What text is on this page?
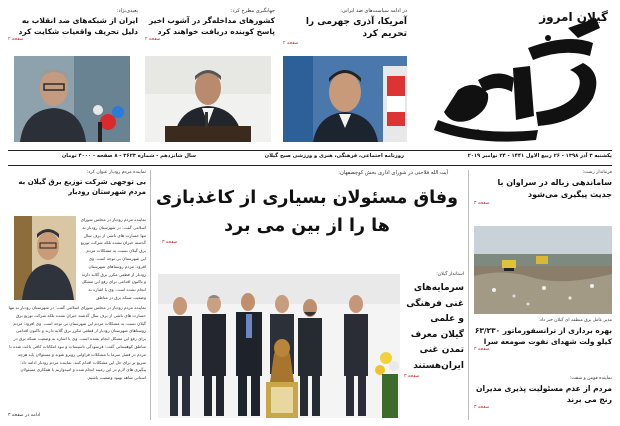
گیلان امروز
در ادامه سیاست‌های ضد ایرانی:
آمریکا، آذری جهرمی را تحریم کرد
صفحه ۲
جهانگیری مطرح کرد:
کشورهای مداخله‌گر در آشوب اخیر پاسخ کوبنده دریافت خواهند کرد
صفحه ۲
بعیدی‌نژاد:
ایران از شبکه‌های ضد انقلاب به دلیل تحریف واقعیات شکایت کرد
صفحه ۲
یکشنبه ۳ آذر ۱۳۹۸ - ۲۶ ربیع الاول ۱۴۴۱ - ۲۴ نوامبر ۲۰۱۹
روزنامه اجتماعی، فرهنگی، هنری و ورزشی صبح گیلان
سال شانزدهم - شماره ۳۶۲۳ - ۸ صفحه - ۴۰۰۰ تومان
آیت الله فلاحتی در شورای اداری بخش کوچصفهان:
وفاق مسئولان بسیاری از کاغذبازی ها را از بین می برد
صفحه ۳
استاندار گیلان:
سرمایه‌های غنی فرهنگی و علمی گیلان معرف تمدن غنی ایران‌هستند
صفحه ۳
نماینده مردم رودبار عنوان کرد:
بی توجهی شرکت توزیع برق گیلان به مردم شهرستان رودبار
نماینده مردم رودبار در مجلس شورای اسلامی گفت: در شهرستان رودبار نه تنها خسارت های ناشی از برف سال گذشته جبران نشده بلکه شرکت توزیع برق گیلان نسبت به مشکلات مردم این شهرستان بی توجه است. وی افزود: مردم روستاهای شهرستان رودبار از قطعی مکرر برق گلایه دارند و تاکنون اقدامی برای رفع این مشکل انجام نشده است. وی با اشاره به وضعیت شبکه برق در مناطق
نماینده مردم رودبار در مجلس شورای اسلامی گفت: در شهرستان رودبار نه تنها خسارت های ناشی از برف سال گذشته جبران نشده بلکه شرکت توزیع برق گیلان نسبت به مشکلات مردم این شهرستان بی توجه است. وی افزود: مردم روستاهای شهرستان رودبار از قطعی مکرر برق گلایه دارند و تاکنون اقدامی برای رفع این مشکل انجام نشده است. وی با اشاره به وضعیت شبکه برق در مناطق کوهستانی گفت: فرسودگی تاسیسات و نبود امکانات کافی باعث شده تا مردم در فصل سرما با مشکلات فراوانی روبرو شوند و مسئولان باید هرچه سریع تر برای حل این مشکلات اقدام کنند. نماینده مردم رودبار ادامه داد: پیگیری های لازم در این زمینه انجام شده و امیدواریم با همکاری مسئولان استانی شاهد بهبود وضعیت باشیم.
ادامه در صفحه ۳
فرماندار رشت:
ساماندهی زباله در سراوان با جدیت پیگیری می‌شود
صفحه ۳
مدیر عامل برق منطقه ای گیلان خبر داد:
بهره برداری از ترانسفورماتور ۶۳/۲۳۰ کیلو ولت شهدای نفوت صومعه سرا
صفحه ۳
نماینده فومن و شفت:
مردم از عدم مسئولیت پذیری مدیران رنج می برند
صفحه ۳
